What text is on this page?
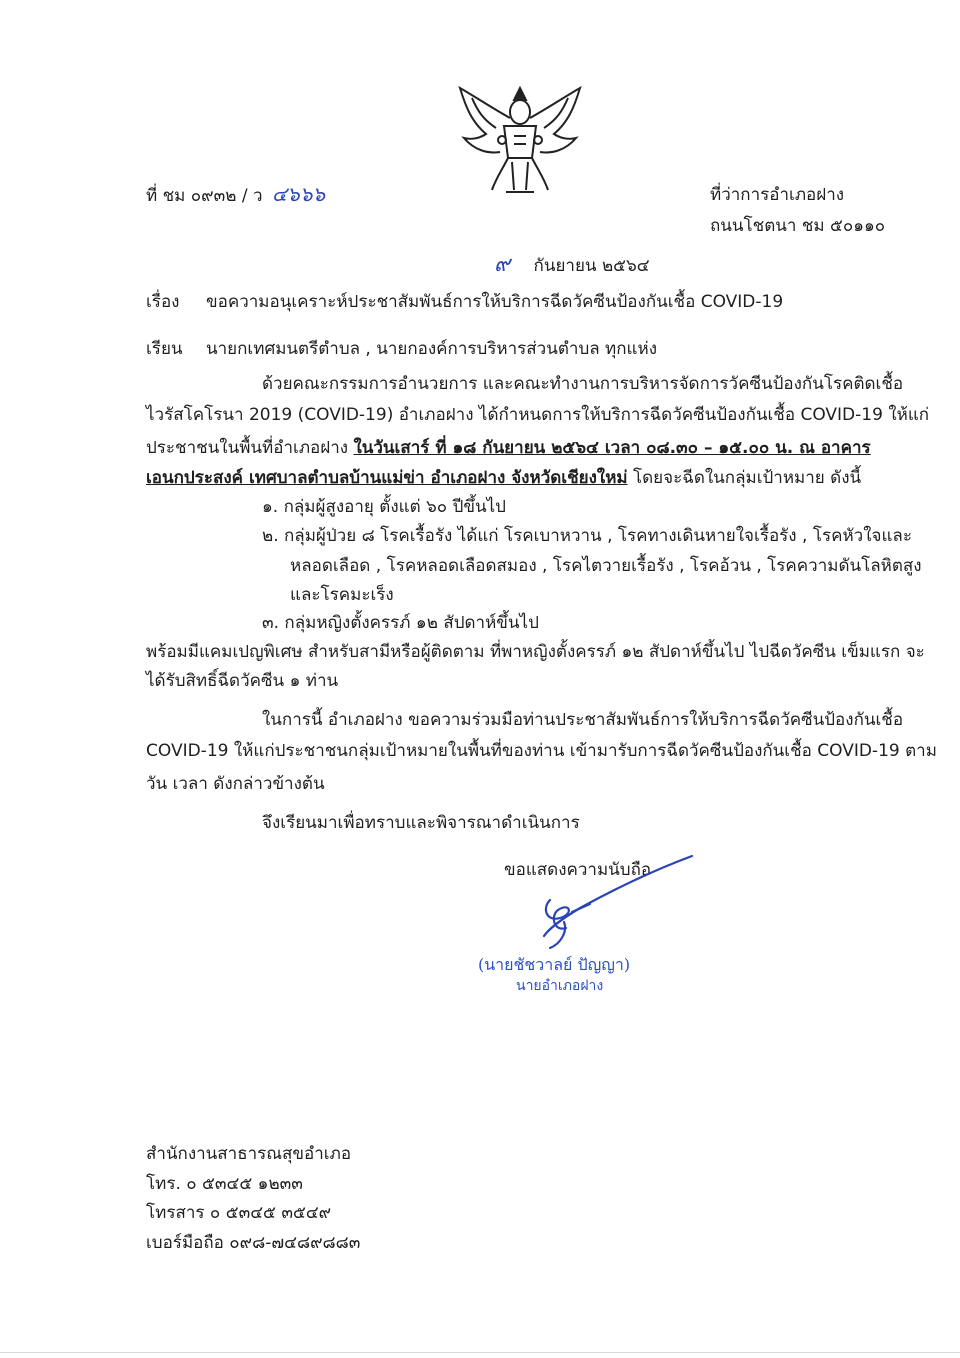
ที่ ชม ๐๙๓๒ / ว ๔๖๖๖	ที่ว่าการอำเภอฝาง
ถนนโชตนา ชม ๕๐๑๑๐
๙ กันยายน ๒๕๖๔
เรื่อง ขอความอนุเคราะห์ประชาสัมพันธ์การให้บริการฉีดวัคซีนป้องกันเชื้อ COVID-19
เรียน นายกเทศมนตรีตำบล , นายกองค์การบริหารส่วนตำบล ทุกแห่ง
ด้วยคณะกรรมการอำนวยการ และคณะทำงานการบริหารจัดการวัคซีนป้องกันโรคติดเชื้อ
ไวรัสโคโรนา 2019 (COVID-19) อำเภอฝาง ได้กำหนดการให้บริการฉีดวัคซีนป้องกันเชื้อ COVID-19 ให้แก่
ประชาชนในพื้นที่อำเภอฝาง ในวันเสาร์ ที่ ๑๘ กันยายน ๒๕๖๔ เวลา ๐๘.๓๐ – ๑๕.๐๐ น. ณ อาคาร
เอนกประสงค์ เทศบาลตำบลบ้านแม่ข่า อำเภอฝาง จังหวัดเชียงใหม่ โดยจะฉีดในกลุ่มเป้าหมาย ดังนี้
๑. กลุ่มผู้สูงอายุ ตั้งแต่ ๖๐ ปีขึ้นไป
๒. กลุ่มผู้ป่วย ๘ โรคเรื้อรัง ได้แก่ โรคเบาหวาน , โรคทางเดินหายใจเรื้อรัง , โรคหัวใจและ
หลอดเลือด , โรคหลอดเลือดสมอง , โรคไตวายเรื้อรัง , โรคอ้วน , โรคความดันโลหิตสูง
และโรคมะเร็ง
๓. กลุ่มหญิงตั้งครรภ์ ๑๒ สัปดาห์ขึ้นไป
พร้อมมีแคมเปญพิเศษ สำหรับสามีหรือผู้ติดตาม ที่พาหญิงตั้งครรภ์ ๑๒ สัปดาห์ขึ้นไป ไปฉีดวัคซีน เข็มแรก จะ
ได้รับสิทธิ์ฉีดวัคซีน ๑ ท่าน
ในการนี้ อำเภอฝาง ขอความร่วมมือท่านประชาสัมพันธ์การให้บริการฉีดวัคซีนป้องกันเชื้อ
COVID-19 ให้แก่ประชาชนกลุ่มเป้าหมายในพื้นที่ของท่าน เข้ามารับการฉีดวัคซีนป้องกันเชื้อ COVID-19 ตาม
วัน เวลา ดังกล่าวข้างต้น
จึงเรียนมาเพื่อทราบและพิจารณาดำเนินการ
ขอแสดงความนับถือ
(นายชัชวาลย์ ปัญญา)
นายอำเภอฝาง
สำนักงานสาธารณสุขอำเภอ
โทร. ๐ ๕๓๔๕ ๑๒๓๓
โทรสาร ๐ ๕๓๔๕ ๓๕๔๙
เบอร์มือถือ ๐๙๘-๗๔๘๙๘๘๓
